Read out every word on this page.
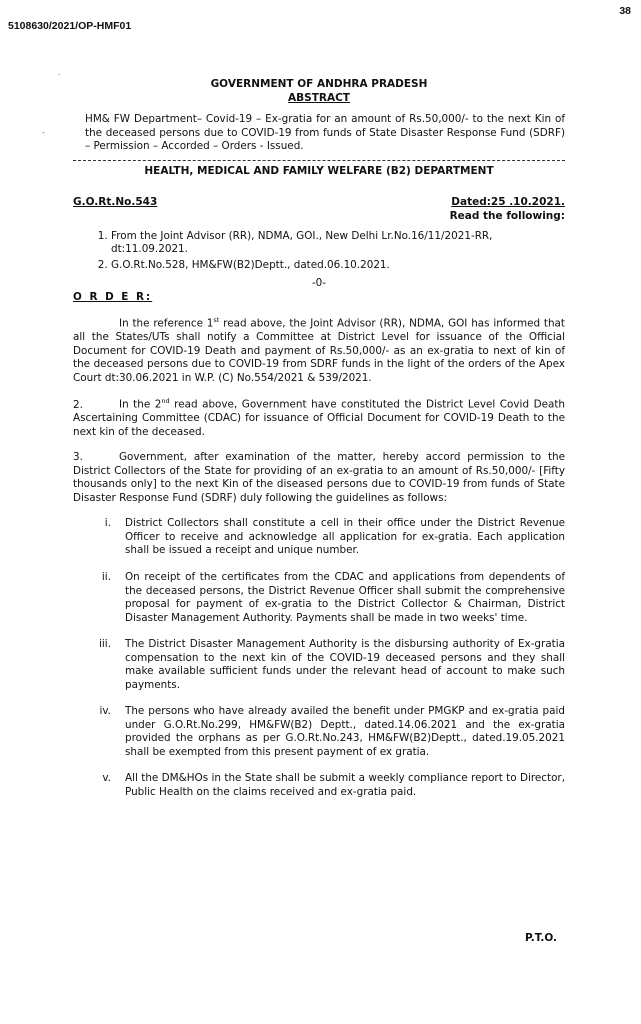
5108630/2021/OP-HMF01
38
GOVERNMENT OF ANDHRA PRADESH
ABSTRACT
HM& FW Department– Covid-19 – Ex-gratia for an amount of Rs.50,000/- to the next Kin of the deceased persons due to COVID-19 from funds of State Disaster Response Fund (SDRF) – Permission – Accorded – Orders - Issued.
HEALTH, MEDICAL AND FAMILY WELFARE (B2) DEPARTMENT
G.O.Rt.No.543	Dated:25 .10.2021.
Read the following:
1. From the Joint Advisor (RR), NDMA, GOI., New Delhi Lr.No.16/11/2021-RR, dt:11.09.2021.
2. G.O.Rt.No.528, HM&FW(B2)Deptt., dated.06.10.2021.
-0-
O R D E R:
In the reference 1st read above, the Joint Advisor (RR), NDMA, GOI has informed that all the States/UTs shall notify a Committee at District Level for issuance of the Official Document for COVID-19 Death and payment of Rs.50,000/- as an ex-gratia to next of kin of the deceased persons due to COVID-19 from SDRF funds in the light of the orders of the Apex Court dt:30.06.2021 in W.P. (C) No.554/2021 & 539/2021.
2.	In the 2nd read above, Government have constituted the District Level Covid Death Ascertaining Committee (CDAC) for issuance of Official Document for COVID-19 Death to the next kin of the deceased.
3.	Government, after examination of the matter, hereby accord permission to the District Collectors of the State for providing of an ex-gratia to an amount of Rs.50,000/- [Fifty thousands only] to the next Kin of the diseased persons due to COVID-19 from funds of State Disaster Response Fund (SDRF) duly following the guidelines as follows:
i.	District Collectors shall constitute a cell in their office under the District Revenue Officer to receive and acknowledge all application for ex-gratia. Each application shall be issued a receipt and unique number.
ii.	On receipt of the certificates from the CDAC and applications from dependents of the deceased persons, the District Revenue Officer shall submit the comprehensive proposal for payment of ex-gratia to the District Collector & Chairman, District Disaster Management Authority. Payments shall be made in two weeks' time.
iii.	The District Disaster Management Authority is the disbursing authority of Ex-gratia compensation to the next kin of the COVID-19 deceased persons and they shall make available sufficient funds under the relevant head of account to make such payments.
iv.	The persons who have already availed the benefit under PMGKP and ex-gratia paid under G.O.Rt.No.299, HM&FW(B2) Deptt., dated.14.06.2021 and the ex-gratia provided the orphans as per G.O.Rt.No.243, HM&FW(B2)Deptt., dated.19.05.2021 shall be exempted from this present payment of ex gratia.
v.	All the DM&HOs in the State shall be submit a weekly compliance report to Director, Public Health on the claims received and ex-gratia paid.
P.T.O.
.
-
